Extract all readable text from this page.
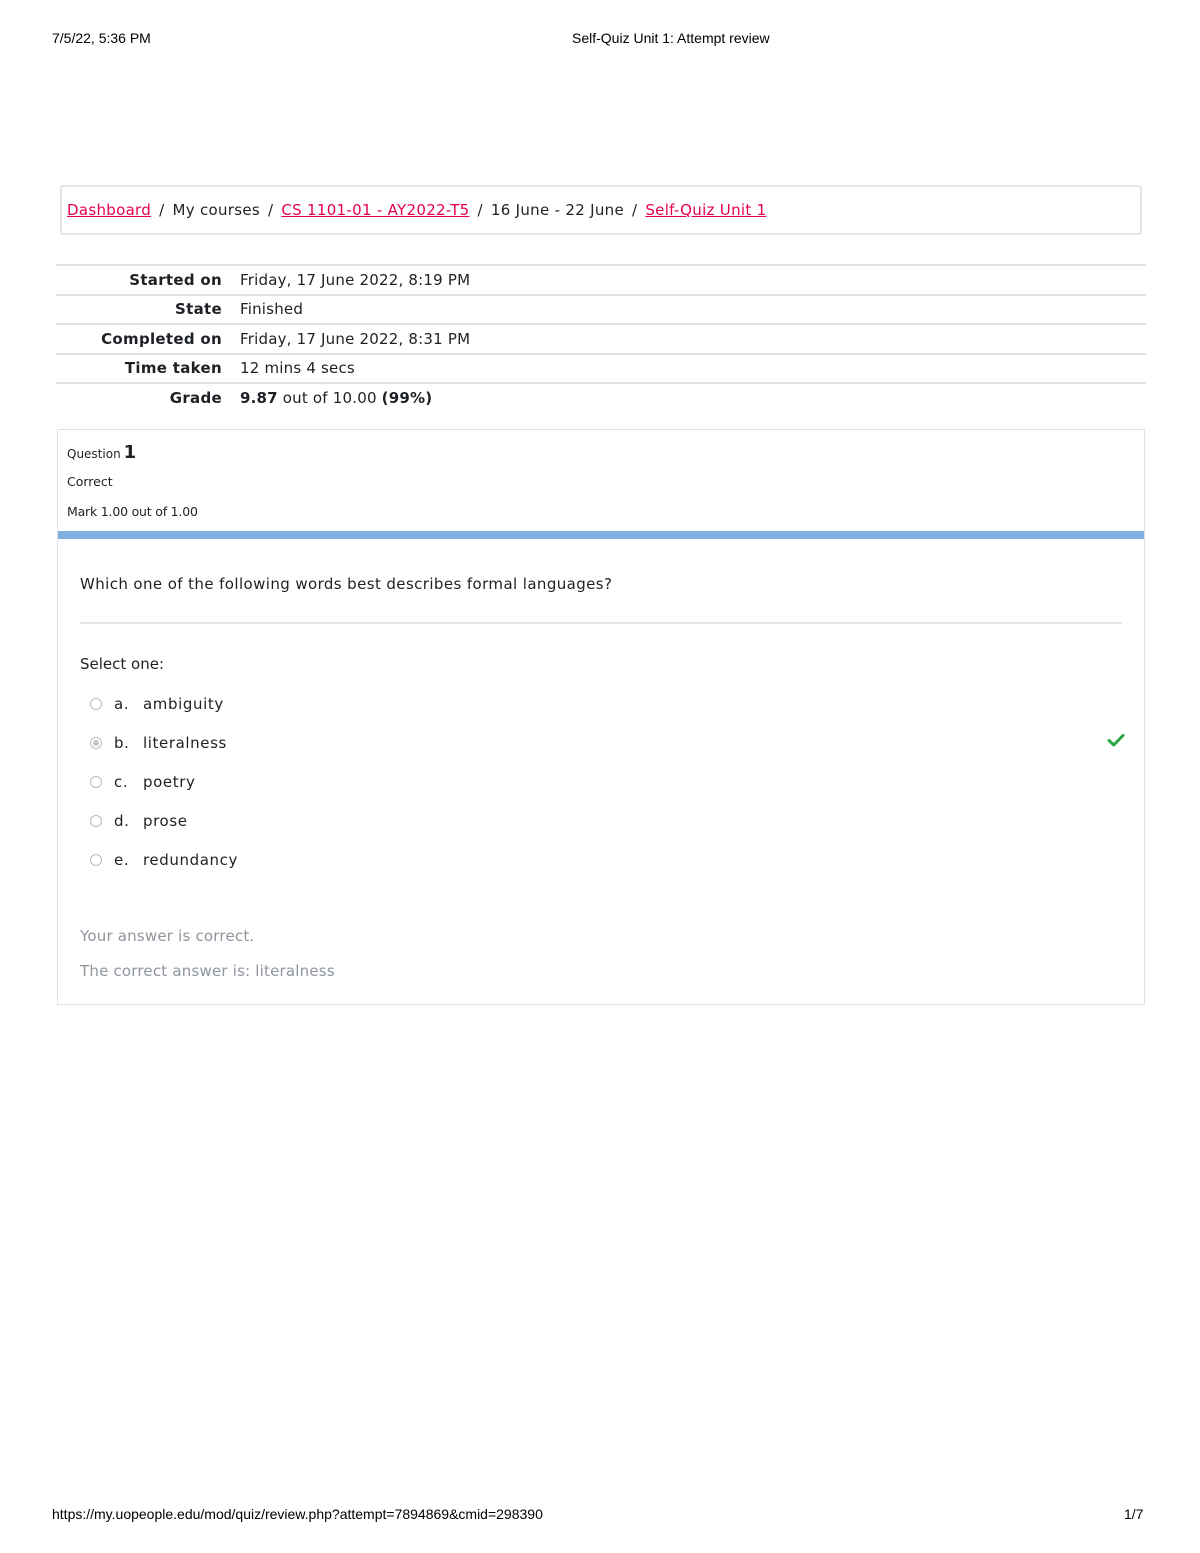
7/5/22, 5:36 PM	Self-Quiz Unit 1: Attempt review
Dashboard / My courses / CS 1101-01 - AY2022-T5 / 16 June - 22 June / Self-Quiz Unit 1
Started on	Friday, 17 June 2022, 8:19 PM
State	Finished
Completed on	Friday, 17 June 2022, 8:31 PM
Time taken	12 mins 4 secs
Grade	9.87 out of 10.00 (99%)
Question 1
Correct
Mark 1.00 out of 1.00
Which one of the following words best describes formal languages?
Select one:
a. ambiguity
b. literalness
c. poetry
d. prose
e. redundancy
Your answer is correct.
The correct answer is: literalness
https://my.uopeople.edu/mod/quiz/review.php?attempt=7894869&cmid=298390	1/7
